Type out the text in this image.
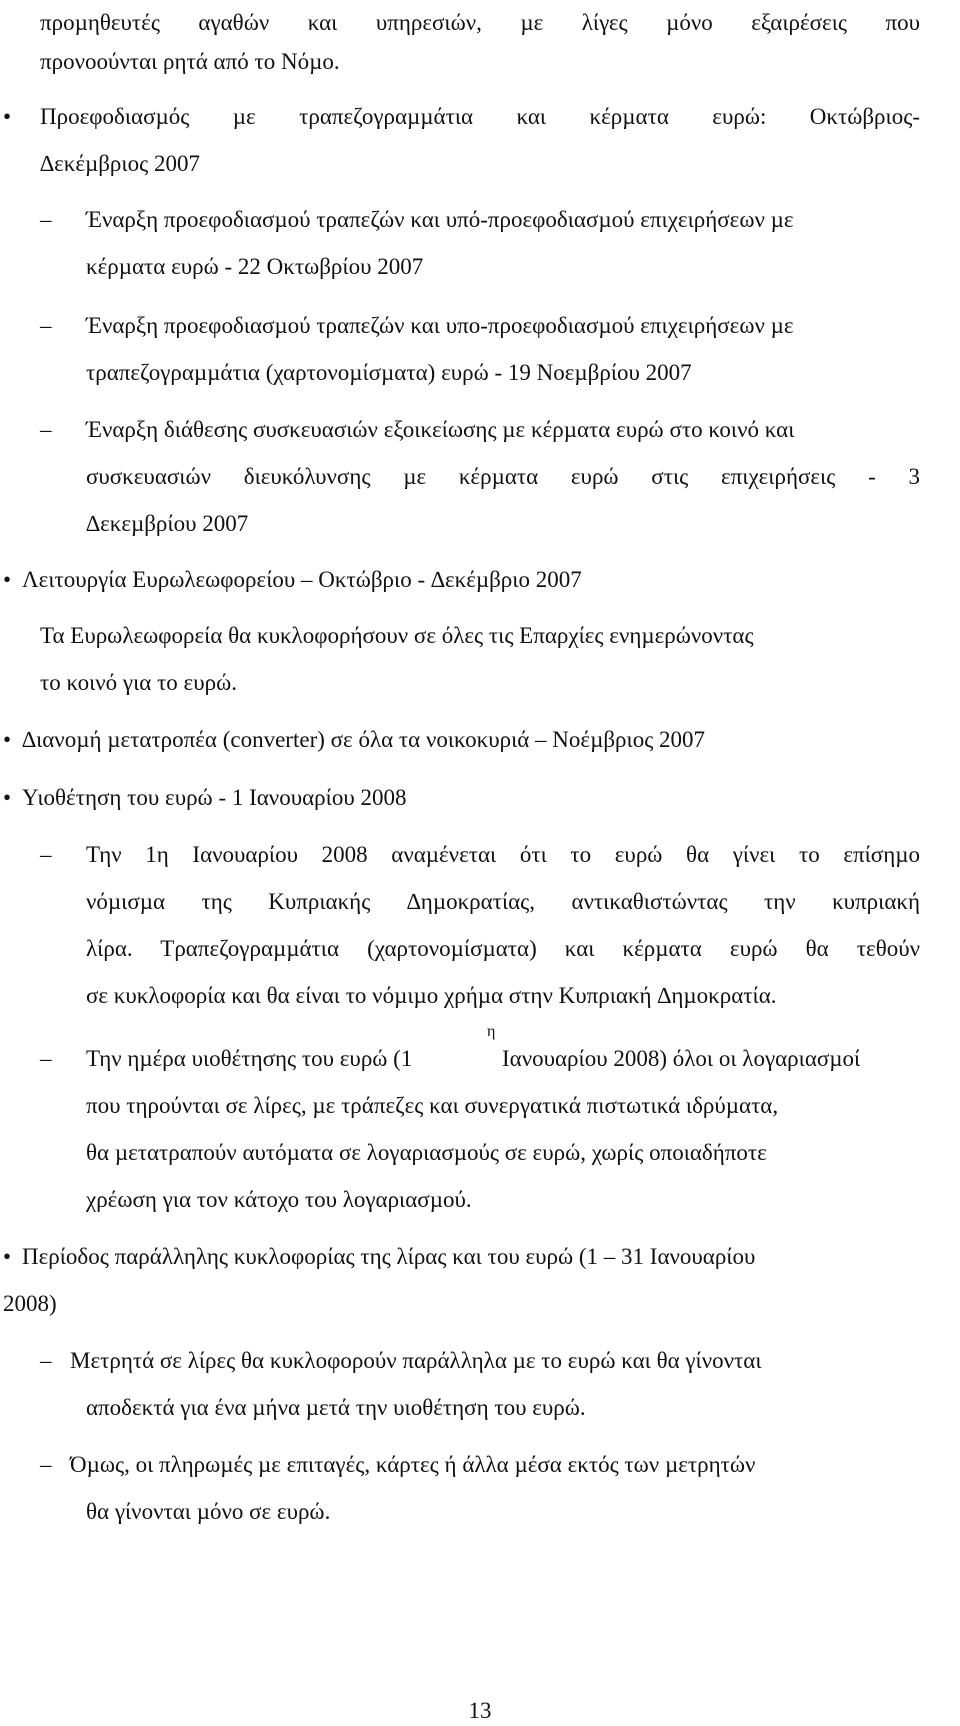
προµηθευτές αγαθών και υπηρεσιών, µε λίγες µόνο εξαιρέσεις που
προνοούνται ρητά από το Νόµο.
• Προεφοδιασµός µε τραπεζογραµµάτια και κέρµατα ευρώ: Οκτώβριος-
∆εκέµβριος 2007
– Έναρξη προεφοδιασµού τραπεζών και υπό-προεφοδιασµού επιχειρήσεων µε
κέρµατα ευρώ - 22 Οκτωβρίου 2007
– Έναρξη προεφοδιασµού τραπεζών και υπο-προεφοδιασµού επιχειρήσεων µε
τραπεζογραµµάτια (χαρτονοµίσµατα) ευρώ - 19 Νοεµβρίου 2007
– Έναρξη διάθεσης συσκευασιών εξοικείωσης µε κέρµατα ευρώ στο κοινό και
συσκευασιών διευκόλυνσης µε κέρµατα ευρώ στις επιχειρήσεις - 3
∆εκεµβρίου 2007
• Λειτουργία Ευρωλεωφορείου – Οκτώβριο - ∆εκέµβριο 2007
Τα Ευρωλεωφορεία θα κυκλοφορήσουν σε όλες τις Επαρχίες ενηµερώνοντας
το κοινό για το ευρώ.
• ∆ιανοµή µετατροπέα (converter) σε όλα τα νοικοκυριά – Νοέµβριος 2007
• Υιοθέτηση του ευρώ - 1 Ιανουαρίου 2008
– Την 1η Ιανουαρίου 2008 αναµένεται ότι το ευρώ θα γίνει το επίσηµο
νόµισµα της Κυπριακής ∆ηµοκρατίας, αντικαθιστώντας την κυπριακή
λίρα. Τραπεζογραµµάτια (χαρτονοµίσµατα) και κέρµατα ευρώ θα τεθούν
σε κυκλοφορία και θα είναι το νόµιµο χρήµα στην Κυπριακή ∆ηµοκρατία.
– Την ηµέρα υιοθέτησης του ευρώ (1
η
Ιανουαρίου 2008) όλοι οι λογαριασµοί
που τηρούνται σε λίρες, µε τράπεζες και συνεργατικά πιστωτικά ιδρύµατα,
θα µετατραπούν αυτόµατα σε λογαριασµούς σε ευρώ, χωρίς οποιαδήποτε
χρέωση για τον κάτοχο του λογαριασµού.
• Περίοδος παράλληλης κυκλοφορίας της λίρας και του ευρώ (1 – 31 Ιανουαρίου
2008)
– Μετρητά σε λίρες θα κυκλοφορούν παράλληλα µε το ευρώ και θα γίνονται
αποδεκτά για ένα µήνα µετά την υιοθέτηση του ευρώ.
– Όµως, οι πληρωµές µε επιταγές, κάρτες ή άλλα µέσα εκτός των µετρητών
θα γίνονται µόνο σε ευρώ.
13
